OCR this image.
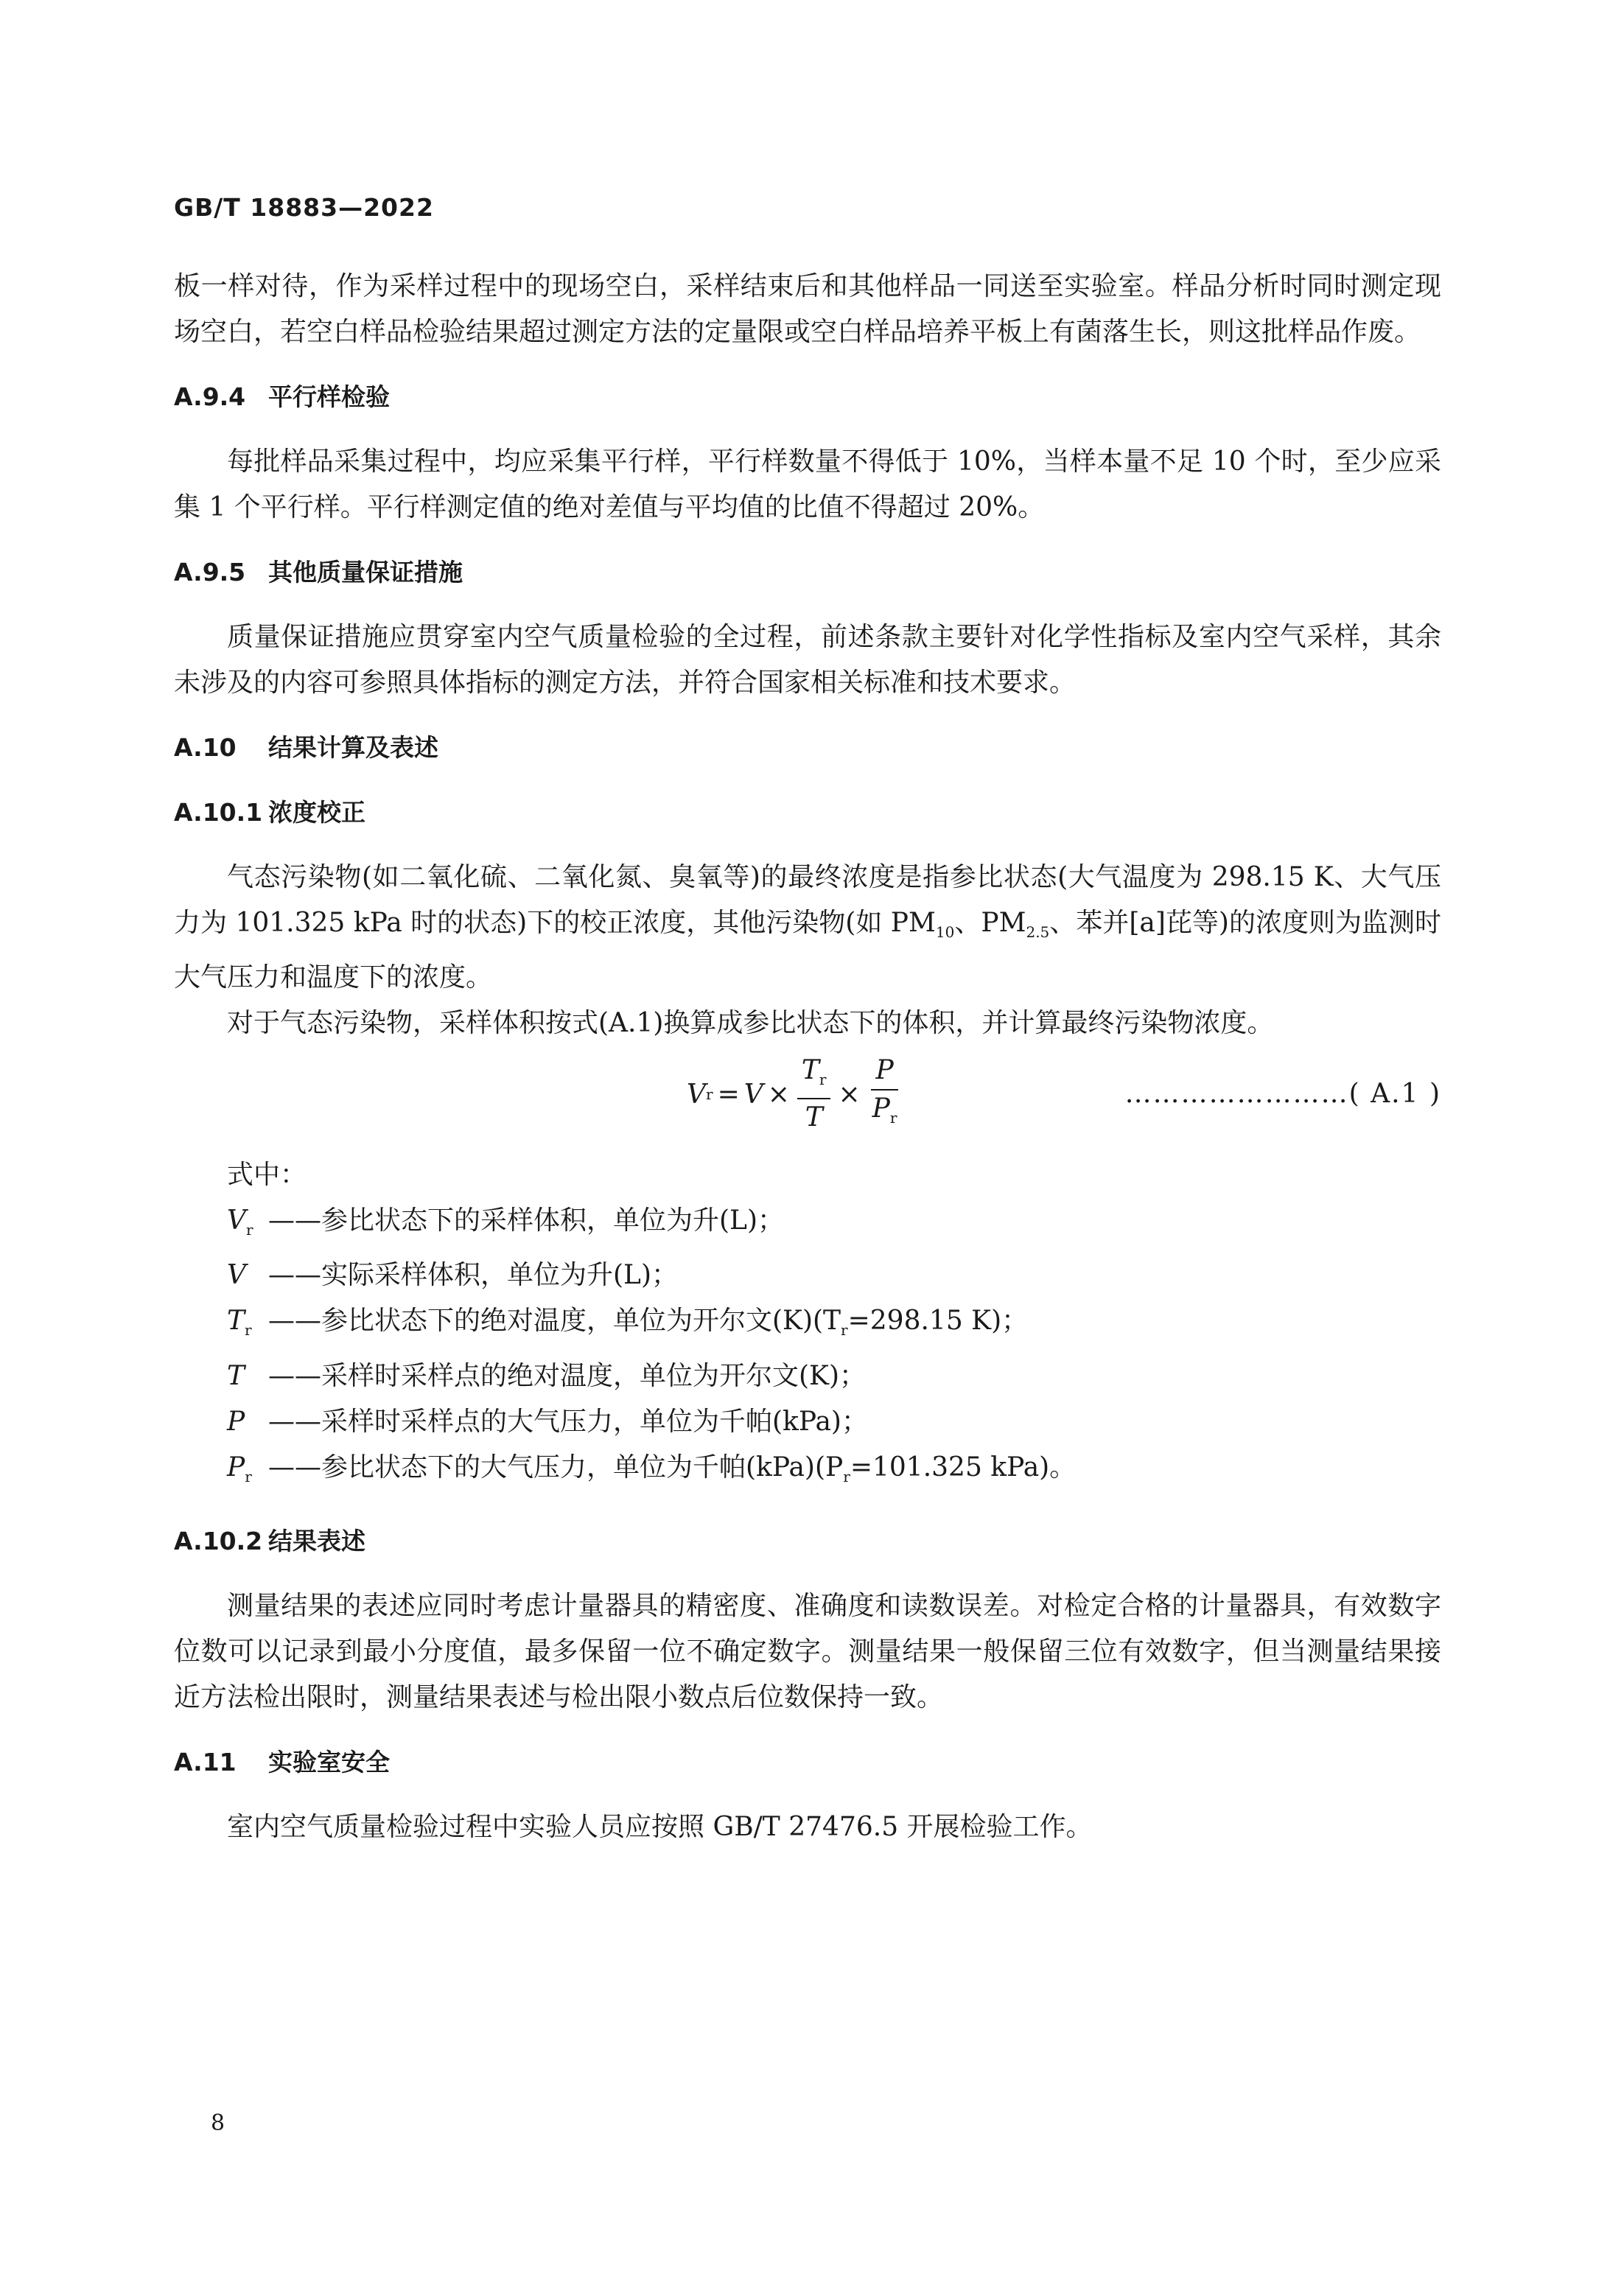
GB/T 18883—2022

板一样对待，作为采样过程中的现场空白，采样结束后和其他样品一同送至实验室。样品分析时同时测定现场空白，若空白样品检验结果超过测定方法的定量限或空白样品培养平板上有菌落生长，则这批样品作废。

A.9.4 平行样检验

每批样品采集过程中，均应采集平行样，平行样数量不得低于 10%，当样本量不足 10 个时，至少应采集 1 个平行样。平行样测定值的绝对差值与平均值的比值不得超过 20%。

A.9.5 其他质量保证措施

质量保证措施应贯穿室内空气质量检验的全过程，前述条款主要针对化学性指标及室内空气采样，其余未涉及的内容可参照具体指标的测定方法，并符合国家相关标准和技术要求。

A.10 结果计算及表述
A.10.1 浓度校正

气态污染物(如二氧化硫、二氧化氮、臭氧等)的最终浓度是指参比状态(大气温度为 298.15 K、大气压力为 101.325 kPa 时的状态)下的校正浓度，其他污染物(如 $PM_{10}$、$PM_{2.5}$、苯并[a]芘等)的浓度则为监测时大气压力和温度下的浓度。

对于气态污染物，采样体积按式(A.1)换算成参比状态下的体积，并计算最终污染物浓度。

V $r = V \times \frac{T_r}{T} \times \frac{P}{P_r}$	……………………( A.1 )

式中：

$V_r$ ——参比状态下的采样体积，单位为升(L)；
V ——实际采样体积，单位为升(L)；
$T_r$ ——参比状态下的绝对温度，单位为开尔文$(K)(T_r=298.15$ K)；
T ——采样时采样点的绝对温度，单位为开尔文(K)；
P ——采样时采样点的大气压力，单位为千帕(kPa)；
$P_r$ ——参比状态下的大气压力，单位为千帕$(kPa)(P_r=101.325$ kPa)。
A.10.2 结果表述

测量结果的表述应同时考虑计量器具的精密度、准确度和读数误差。对检定合格的计量器具，有效数字位数可以记录到最小分度值，最多保留一位不确定数字。测量结果一般保留三位有效数字，但当测量结果接近方法检出限时，测量结果表述与检出限小数点后位数保持一致。

A.11 实验室安全

室内空气质量检验过程中实验人员应按照 GB/T 27476.5 开展检验工作。

8
